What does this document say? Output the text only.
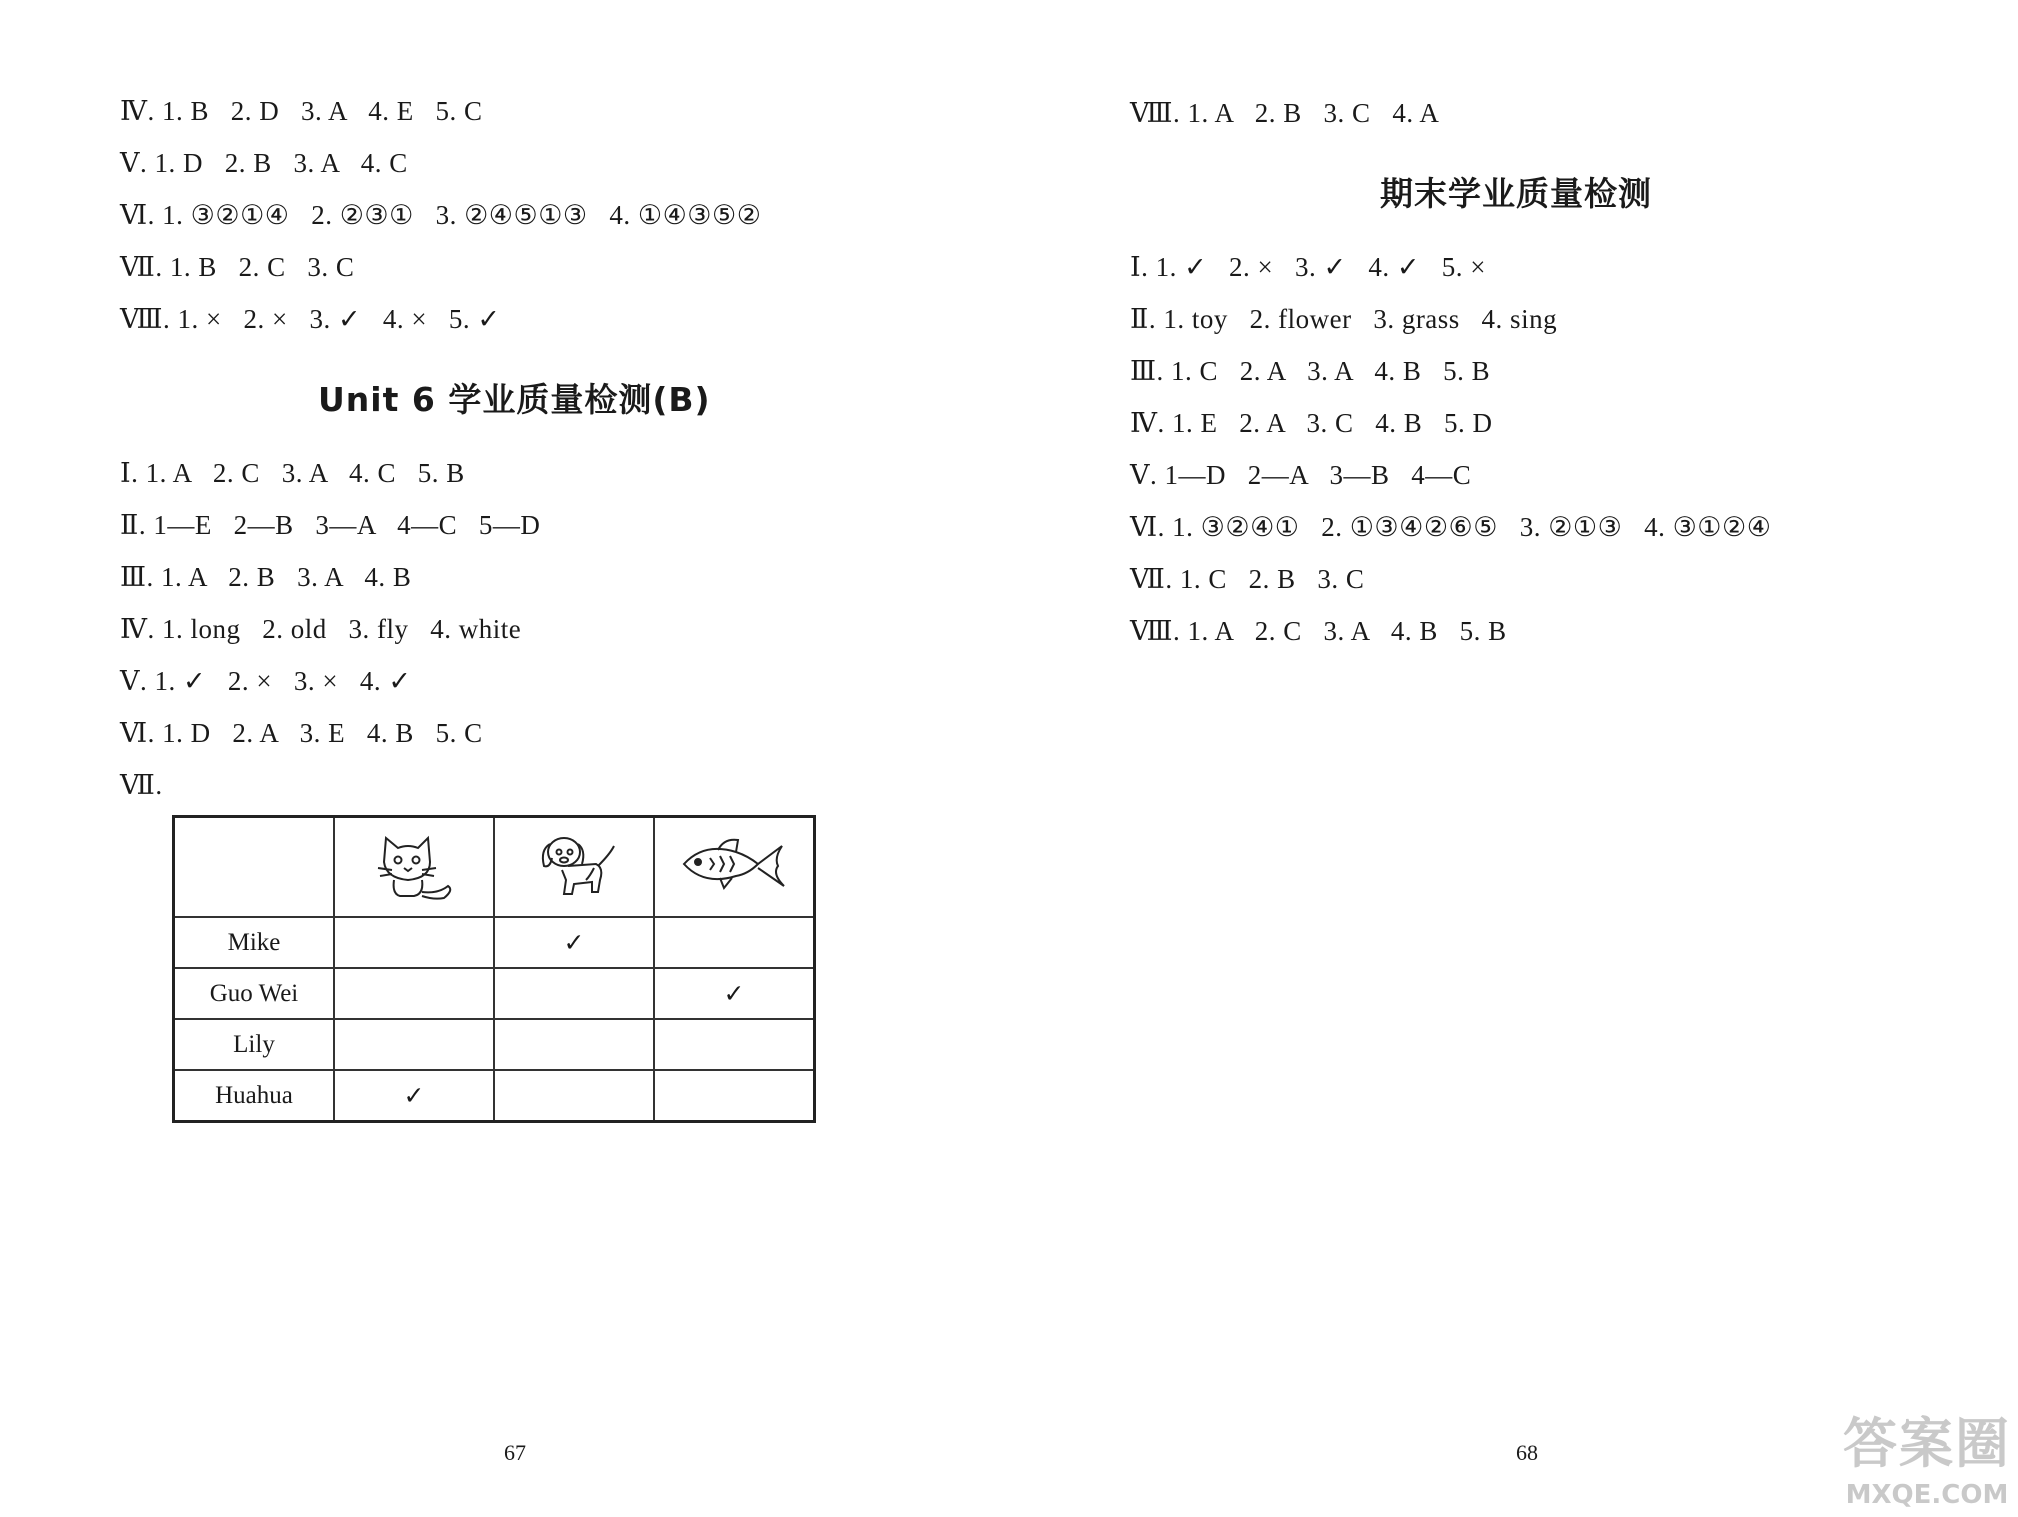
Ⅳ. 1. B   2. D   3. A   4. E   5. C
Ⅴ. 1. D   2. B   3. A   4. C
Ⅵ. 1. ③②①④   2. ②③①   3. ②④⑤①③   4. ①④③⑤②
Ⅶ. 1. B   2. C   3. C
Ⅷ. 1. ×   2. ×   3. ✓   4. ×   5. ✓
Unit 6 学业质量检测(B)
Ⅰ. 1. A   2. C   3. A   4. C   5. B
Ⅱ. 1—E   2—B   3—A   4—C   5—D
Ⅲ. 1. A   2. B   3. A   4. B
Ⅳ. 1. long   2. old   3. fly   4. white
Ⅴ. 1. ✓   2. ×   3. ×   4. ✓
Ⅵ. 1. D   2. A   3. E   4. B   5. C
Ⅶ.

Mike		✓	
Guo Wei			✓
Lily			
Huahua	✓		
67
Ⅷ. 1. A   2. B   3. C   4. A
期末学业质量检测
Ⅰ. 1. ✓   2. ×   3. ✓   4. ✓   5. ×
Ⅱ. 1. toy   2. flower   3. grass   4. sing
Ⅲ. 1. C   2. A   3. A   4. B   5. B
Ⅳ. 1. E   2. A   3. C   4. B   5. D
Ⅴ. 1—D   2—A   3—B   4—C
Ⅵ. 1. ③②④①   2. ①③④②⑥⑤   3. ②①③   4. ③①②④
Ⅶ. 1. C   2. B   3. C
Ⅷ. 1. A   2. C   3. A   4. B   5. B
68	答案圈
MXQE.COM
